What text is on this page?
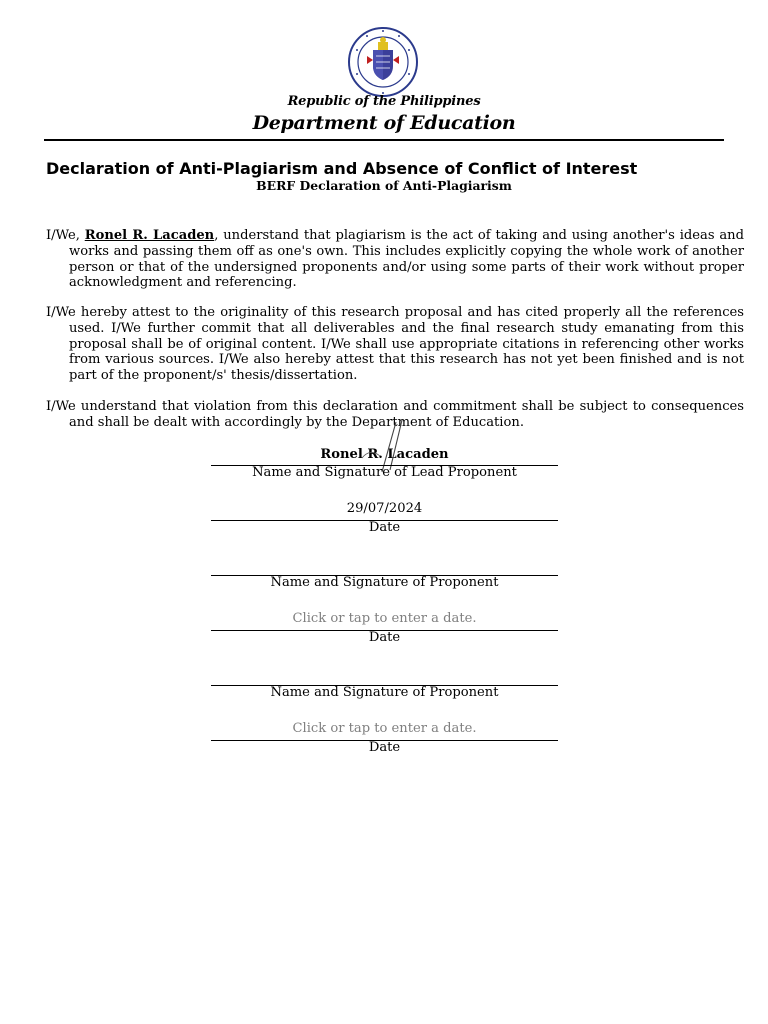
Republic of the Philippines
Department of Education
Declaration of Anti-Plagiarism and Absence of Conflict of Interest
BERF Declaration of Anti-Plagiarism
I/We, Ronel R. Lacaden, understand that plagiarism is the act of taking and using another's ideas and works and passing them off as one's own. This includes explicitly copying the whole work of another person or that of the undersigned proponents and/or using some parts of their work without proper acknowledgment and referencing.
I/We hereby attest to the originality of this research proposal and has cited properly all the references used. I/We further commit that all deliverables and the final research study emanating from this proposal shall be of original content. I/We shall use appropriate citations in referencing other works from various sources. I/We also hereby attest that this research has not yet been finished and is not part of the proponent/s' thesis/dissertation.
I/We understand that violation from this declaration and commitment shall be subject to consequences and shall be dealt with accordingly by the Department of Education.
Ronel R. Lacaden
Name and Signature of Lead Proponent
29/07/2024
Date
Name and Signature of Proponent
Click or tap to enter a date.
Date
Name and Signature of Proponent
Click or tap to enter a date.
Date
